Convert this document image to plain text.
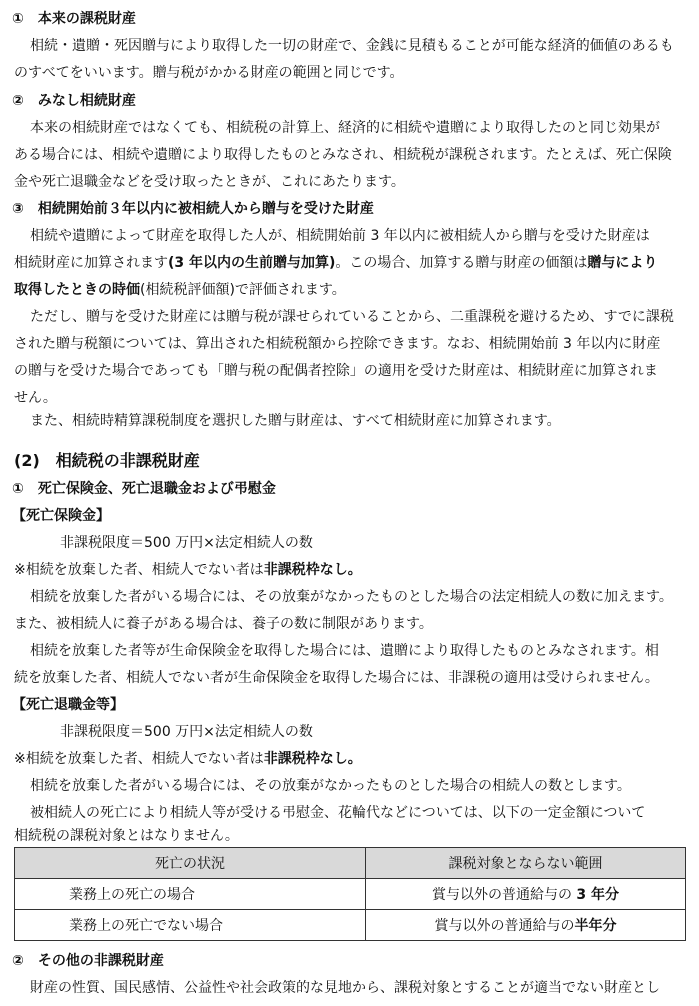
①　本来の課税財産
相続・遺贈・死因贈与により取得した一切の財産で、金銭に見積もることが可能な経済的価値のあるも
のすべてをいいます。贈与税がかかる財産の範囲と同じです。
②　みなし相続財産
本来の相続財産ではなくても、相続税の計算上、経済的に相続や遺贈により取得したのと同じ効果が
ある場合には、相続や遺贈により取得したものとみなされ、相続税が課税されます。たとえば、死亡保険
金や死亡退職金などを受け取ったときが、これにあたります。
③　相続開始前３年以内に被相続人から贈与を受けた財産
相続や遺贈によって財産を取得した人が、相続開始前 3 年以内に被相続人から贈与を受けた財産は
相続財産に加算されます(3 年以内の生前贈与加算)。この場合、加算する贈与財産の価額は贈与により
取得したときの時価(相続税評価額)で評価されます。
ただし、贈与を受けた財産には贈与税が課せられていることから、二重課税を避けるため、すでに課税
された贈与税額については、算出された相続税額から控除できます。なお、相続開始前 3 年以内に財産
の贈与を受けた場合であっても「贈与税の配偶者控除」の適用を受けた財産は、相続財産に加算されま
せん。
また、相続時精算課税制度を選択した贈与財産は、すべて相続財産に加算されます。
(2)　相続税の非課税財産
①　死亡保険金、死亡退職金および弔慰金
【死亡保険金】
非課税限度＝500 万円×法定相続人の数
※相続を放棄した者、相続人でない者は非課税枠なし。
相続を放棄した者がいる場合には、その放棄がなかったものとした場合の法定相続人の数に加えます。
また、被相続人に養子がある場合は、養子の数に制限があります。
相続を放棄した者等が生命保険金を取得した場合には、遺贈により取得したものとみなされます。相
続を放棄した者、相続人でない者が生命保険金を取得した場合には、非課税の適用は受けられません。
【死亡退職金等】
非課税限度＝500 万円×法定相続人の数
※相続を放棄した者、相続人でない者は非課税枠なし。
相続を放棄した者がいる場合には、その放棄がなかったものとした場合の相続人の数とします。
被相続人の死亡により相続人等が受ける弔慰金、花輪代などについては、以下の一定金額について
相続税の課税対象とはなりません。
死亡の状況	課税対象とならない範囲
業務上の死亡の場合	賞与以外の普通給与の 3 年分
業務上の死亡でない場合	賞与以外の普通給与の半年分
②　その他の非課税財産
財産の性質、国民感情、公益性や社会政策的な見地から、課税対象とすることが適当でない財産とし
